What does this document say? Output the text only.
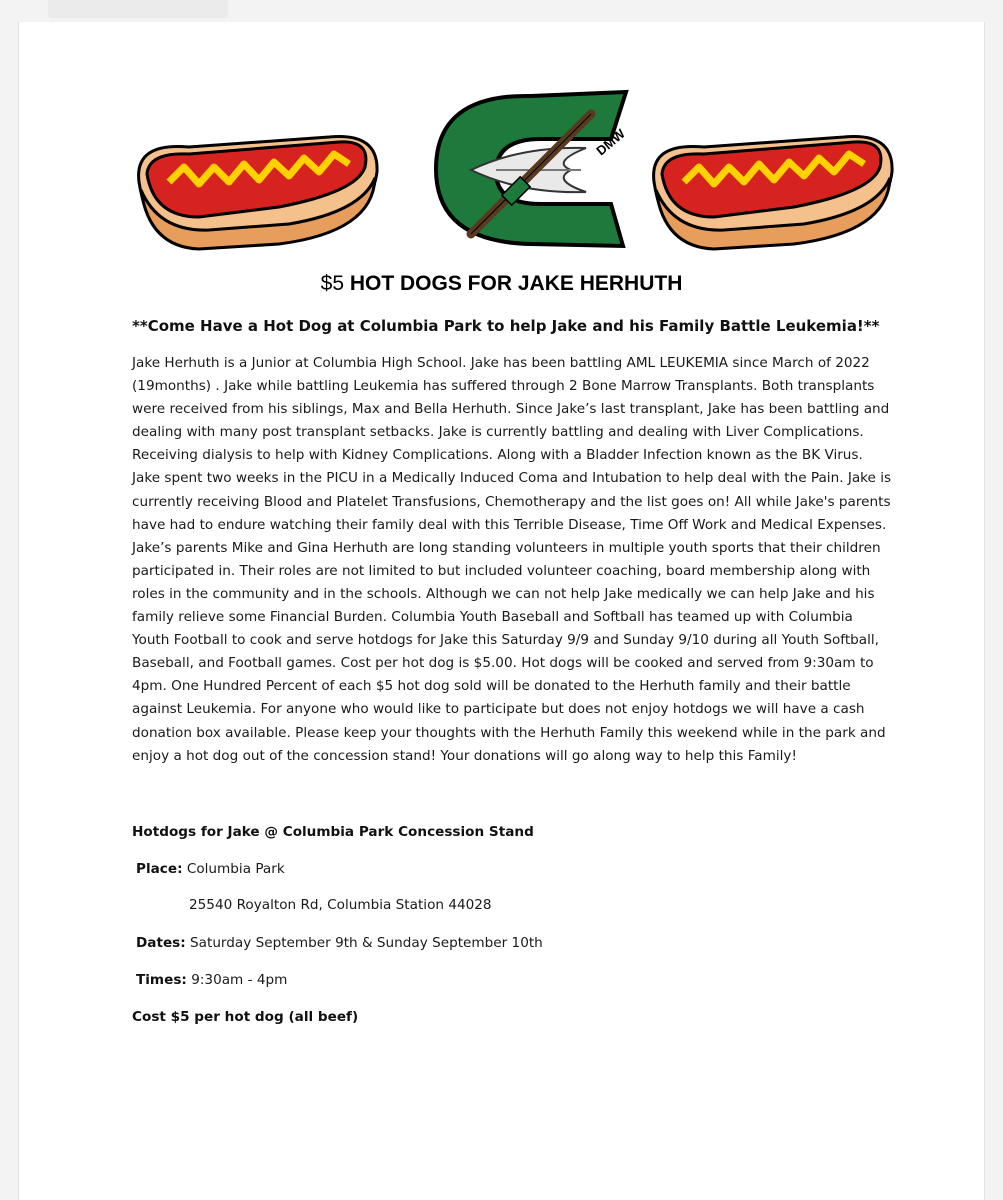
DMW
$5 HOT DOGS FOR JAKE HERHUTH
**Come Have a Hot Dog at Columbia Park to help Jake and his Family Battle Leukemia!**
Jake Herhuth is a Junior at Columbia High School. Jake has been battling AML LEUKEMIA since March of 2022 (19months) . Jake while battling Leukemia has suffered through 2 Bone Marrow Transplants. Both transplants were received from his siblings, Max and Bella Herhuth. Since Jake’s last transplant, Jake has been battling and dealing with many post transplant setbacks. Jake is currently battling and dealing with Liver Complications. Receiving dialysis to help with Kidney Complications. Along with a Bladder Infection known as the BK Virus. Jake spent two weeks in the PICU in a Medically Induced Coma and Intubation to help deal with the Pain. Jake is currently receiving Blood and Platelet Transfusions, Chemotherapy and the list goes on! All while Jake's parents have had to endure watching their family deal with this Terrible Disease, Time Off Work and Medical Expenses. Jake’s parents Mike and Gina Herhuth are long standing volunteers in multiple youth sports that their children participated in. Their roles are not limited to but included volunteer coaching, board membership along with roles in the community and in the schools. Although we can not help Jake medically we can help Jake and his family relieve some Financial Burden. Columbia Youth Baseball and Softball has teamed up with Columbia Youth Football to cook and serve hotdogs for Jake this Saturday 9/9 and Sunday 9/10 during all Youth Softball, Baseball, and Football games. Cost per hot dog is $5.00. Hot dogs will be cooked and served from 9:30am to 4pm. One Hundred Percent of each $5 hot dog sold will be donated to the Herhuth family and their battle against Leukemia. For anyone who would like to participate but does not enjoy hotdogs we will have a cash donation box available. Please keep your thoughts with the Herhuth Family this weekend while in the park and enjoy a hot dog out of the concession stand! Your donations will go along way to help this Family!
Hotdogs for Jake @ Columbia Park Concession Stand
Place: Columbia Park
25540 Royalton Rd, Columbia Station 44028
Dates: Saturday September 9th & Sunday September 10th
Times: 9:30am - 4pm
Cost $5 per hot dog (all beef)
